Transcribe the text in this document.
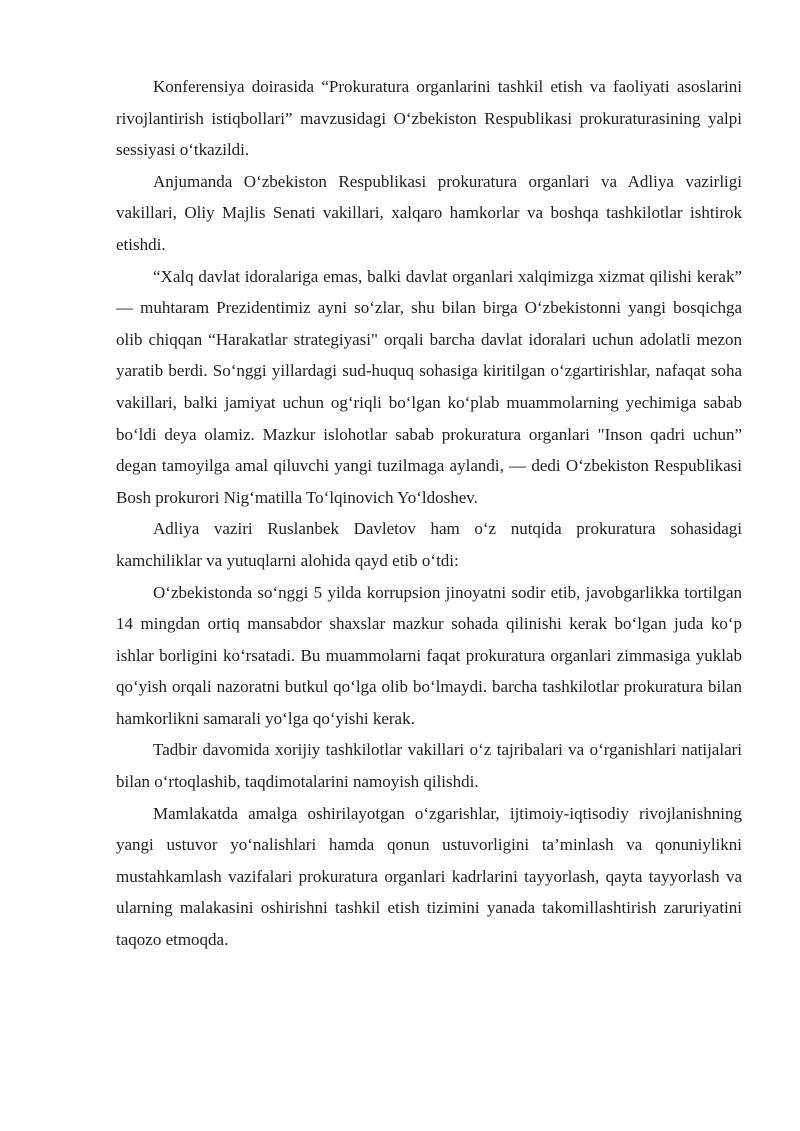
Konferensiya doirasida “Prokuratura organlarini tashkil etish va faoliyati asoslarini rivojlantirish istiqbollari” mavzusidagi O‘zbekiston Respublikasi prokuraturasining yalpi sessiyasi o‘tkazildi.

Anjumanda O‘zbekiston Respublikasi prokuratura organlari va Adliya vazirligi vakillari, Oliy Majlis Senati vakillari, xalqaro hamkorlar va boshqa tashkilotlar ishtirok etishdi.

“Xalq davlat idoralariga emas, balki davlat organlari xalqimizga xizmat qilishi kerak” — muhtaram Prezidentimiz ayni so‘zlar, shu bilan birga O‘zbekistonni yangi bosqichga olib chiqqan “Harakatlar strategiyasi" orqali barcha davlat idoralari uchun adolatli mezon yaratib berdi. So‘nggi yillardagi sud-huquq sohasiga kiritilgan o‘zgartirishlar, nafaqat soha vakillari, balki jamiyat uchun og‘riqli bo‘lgan ko‘plab muammolarning yechimiga sabab bo‘ldi deya olamiz. Mazkur islohotlar sabab prokuratura organlari "Inson qadri uchun” degan tamoyilga amal qiluvchi yangi tuzilmaga aylandi, — dedi O‘zbekiston Respublikasi Bosh prokurori Nig‘matilla To‘lqinovich Yo‘ldoshev.

Adliya vaziri Ruslanbek Davletov ham o‘z nutqida prokuratura sohasidagi kamchiliklar va yutuqlarni alohida qayd etib o‘tdi:

O‘zbekistonda so‘nggi 5 yilda korrupsion jinoyatni sodir etib, javobgarlikka tortilgan 14 mingdan ortiq mansabdor shaxslar mazkur sohada qilinishi kerak bo‘lgan juda ko‘p ishlar borligini ko‘rsatadi. Bu muammolarni faqat prokuratura organlari zimmasiga yuklab qo‘yish orqali nazoratni butkul qo‘lga olib bo‘lmaydi. barcha tashkilotlar prokuratura bilan hamkorlikni samarali yo‘lga qo‘yishi kerak.

Tadbir davomida xorijiy tashkilotlar vakillari o‘z tajribalari va o‘rganishlari natijalari bilan o‘rtoqlashib, taqdimotalarini namoyish qilishdi.

Mamlakatda amalga oshirilayotgan o‘zgarishlar, ijtimoiy-iqtisodiy rivojlanishning yangi ustuvor yo‘nalishlari hamda qonun ustuvorligini ta’minlash va qonuniylikni mustahkamlash vazifalari prokuratura organlari kadrlarini tayyorlash, qayta tayyorlash va ularning malakasini oshirishni tashkil etish tizimini yanada takomillashtirish zaruriyatini taqozo etmoqda.
